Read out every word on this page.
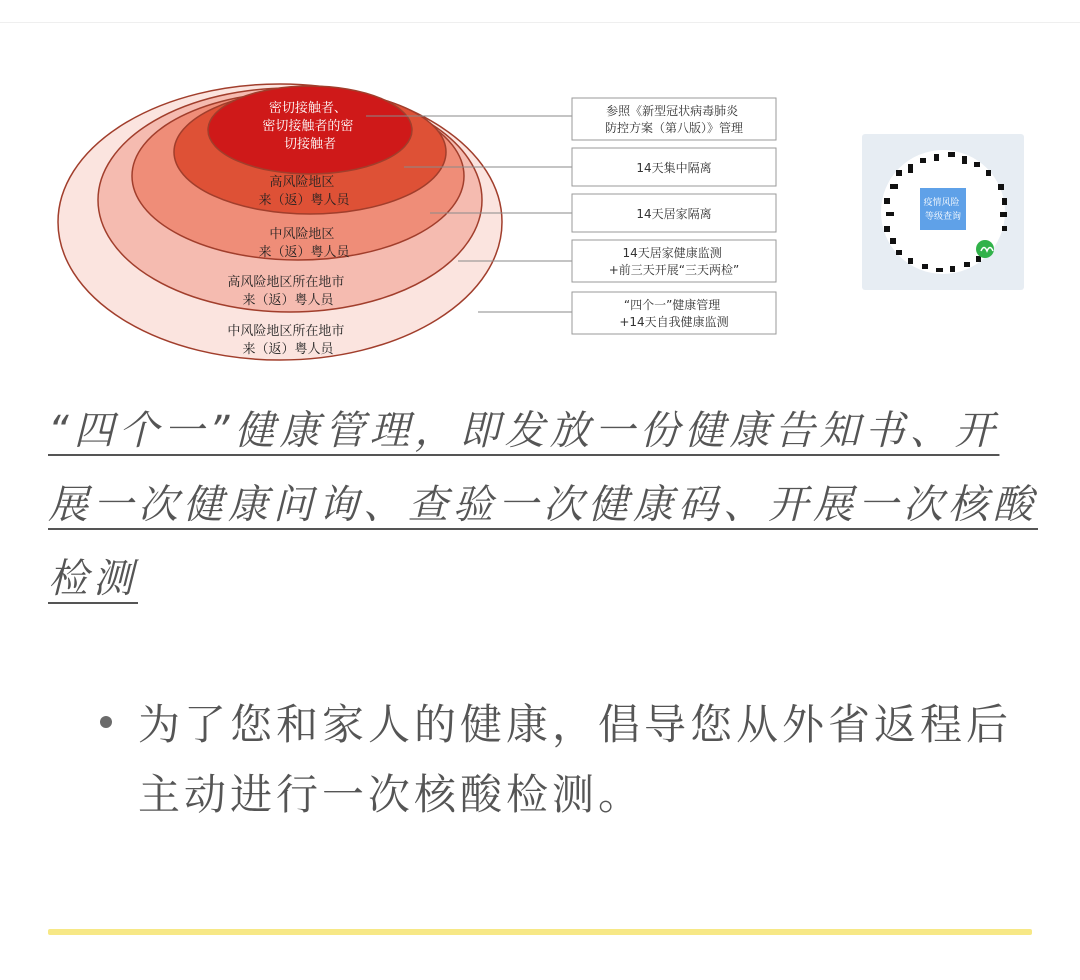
密切接触者、 密切接触者的密 切接触者
高风险地区 来（返）粤人员
中风险地区 来（返）粤人员
高风险地区所在地市 来（返）粤人员
中风险地区所在地市 来（返）粤人员
参照《新型冠状病毒肺炎 防控方案（第八版）》管理
14天集中隔离
14天居家隔离
14天居家健康监测 +前三天开展“三天两检”
“四个一”健康管理 +14天自我健康监测
疫情风险 等级查询

“四个一”健康管理，即发放一份健康告知书、开展一次健康问询、查验一次健康码、开展一次核酸检测

为了您和家人的健康，倡导您从外省返程后主动进行一次核酸检测。
